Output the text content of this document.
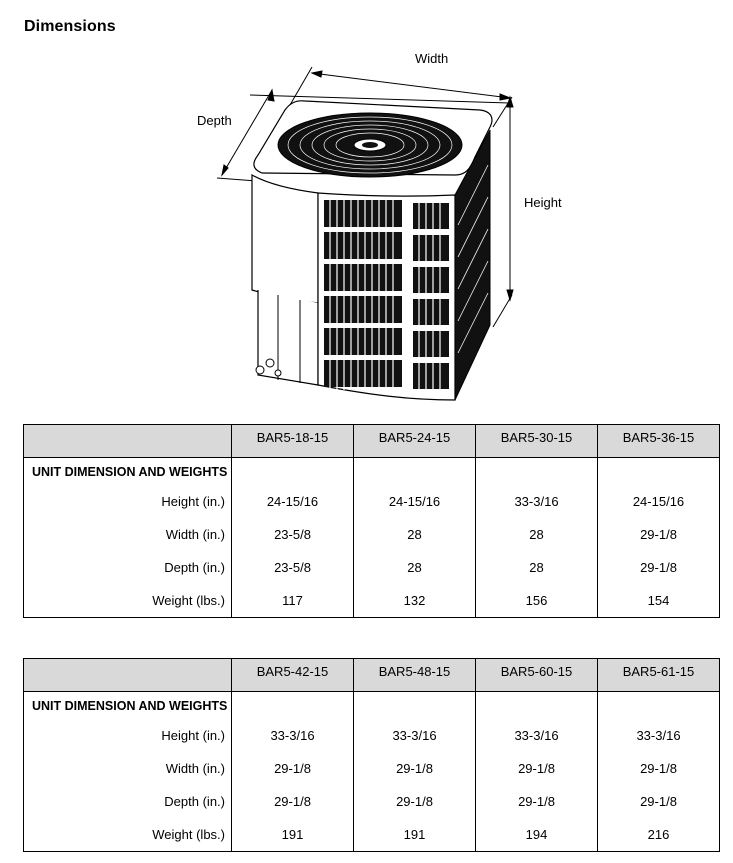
Dimensions
Width
Depth
Height
	BAR5-18-15	BAR5-24-15	BAR5-30-15	BAR5-36-15
UNIT DIMENSION AND WEIGHTS				
Height (in.)	24-15/16	24-15/16	33-3/16	24-15/16
Width (in.)	23-5/8	28	28	29-1/8
Depth (in.)	23-5/8	28	28	29-1/8
Weight (lbs.)	117	132	156	154
	BAR5-42-15	BAR5-48-15	BAR5-60-15	BAR5-61-15
UNIT DIMENSION AND WEIGHTS				
Height (in.)	33-3/16	33-3/16	33-3/16	33-3/16
Width (in.)	29-1/8	29-1/8	29-1/8	29-1/8
Depth (in.)	29-1/8	29-1/8	29-1/8	29-1/8
Weight (lbs.)	191	191	194	216
